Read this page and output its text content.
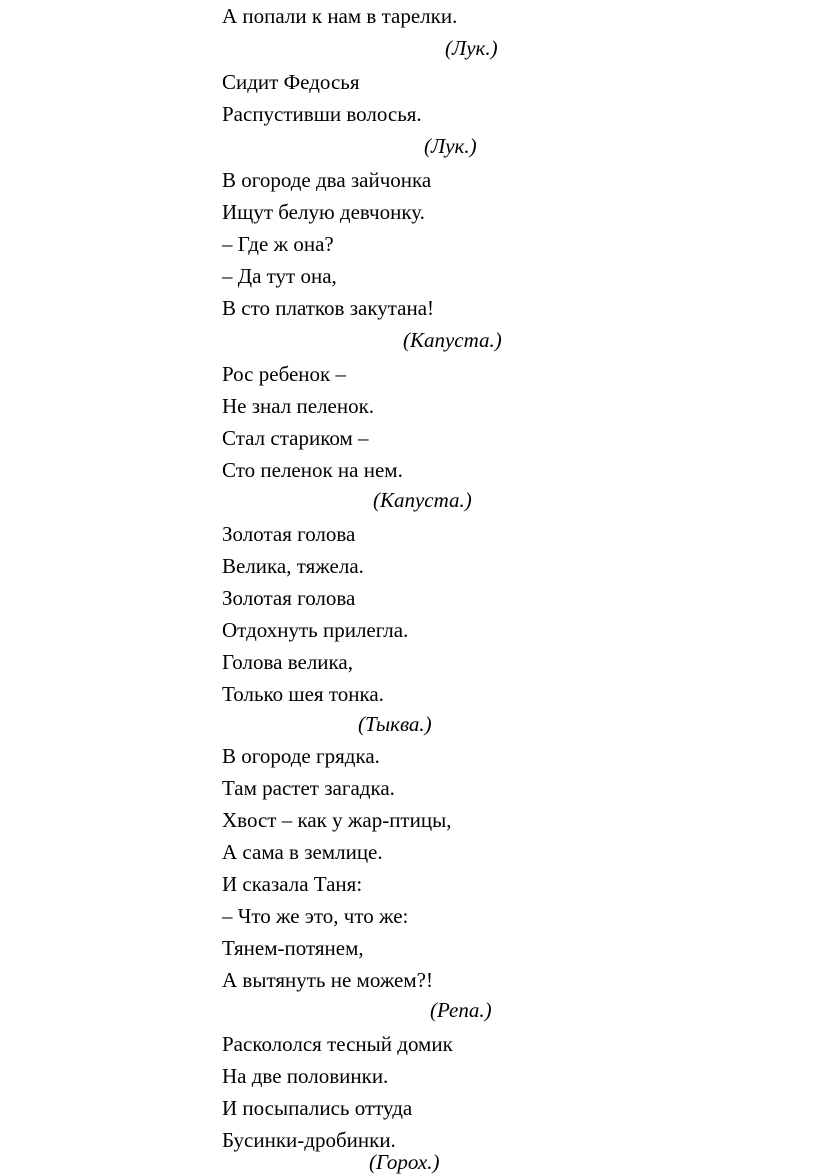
А попали к нам в тарелки.
(Лук.)
Сидит Федосья
Распустивши волосья.
(Лук.)
В огороде два зайчонка
Ищут белую девчонку.
– Где ж она?
– Да тут она,
В сто платков закутана!
(Капуста.)
Рос ребенок –
Не знал пеленок.
Стал стариком –
Сто пеленок на нем.
(Капуста.)
Золотая голова
Велика, тяжела.
Золотая голова
Отдохнуть прилегла.
Голова велика,
Только шея тонка.
(Тыква.)
В огороде грядка.
Там растет загадка.
Хвост – как у жар-птицы,
А сама в землице.
И сказала Таня:
– Что же это, что же:
Тянем-потянем,
А вытянуть не можем?!
(Репа.)
Раскололся тесный домик
На две половинки.
И посыпались оттуда
Бусинки-дробинки.
(Горох.)
